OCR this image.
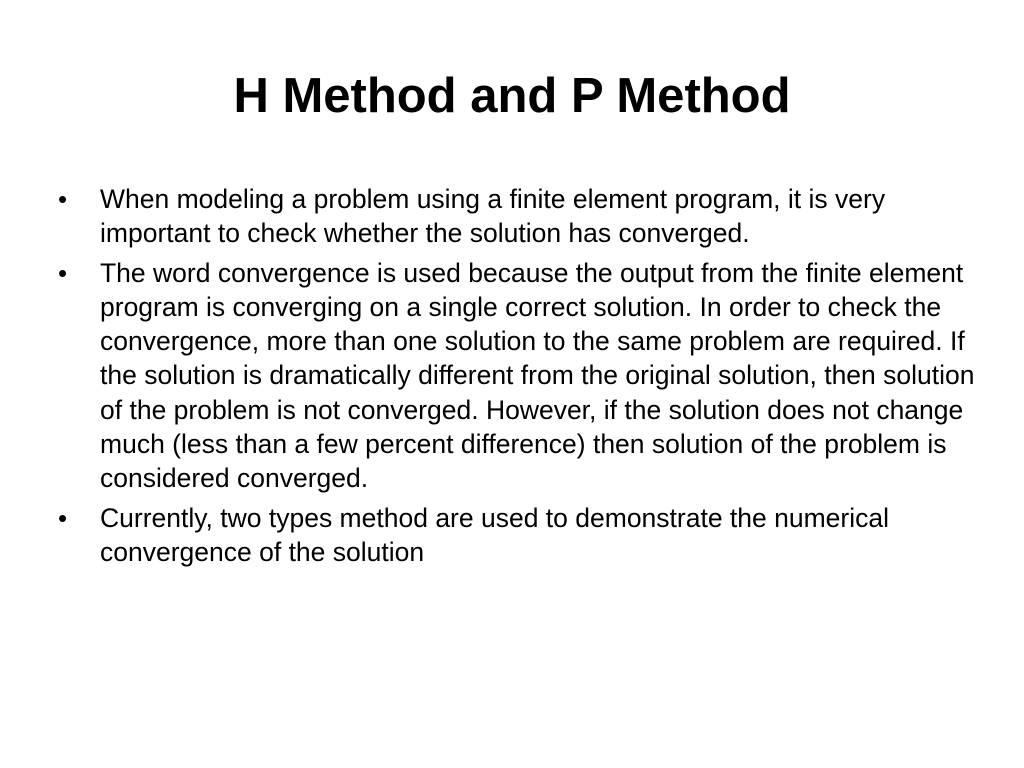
H Method and P Method
•	When modeling a problem using a finite element program, it is very important to check whether the solution has converged.
•	The word convergence is used because the output from the finite element program is converging on a single correct solution. In order to check the convergence, more than one solution to the same problem are required. If the solution is dramatically different from the original solution, then solution of the problem is not converged. However, if the solution does not change much (less than a few percent difference) then solution of the problem is considered converged.
•	Currently, two types method are used to demonstrate the numerical convergence of the solution
